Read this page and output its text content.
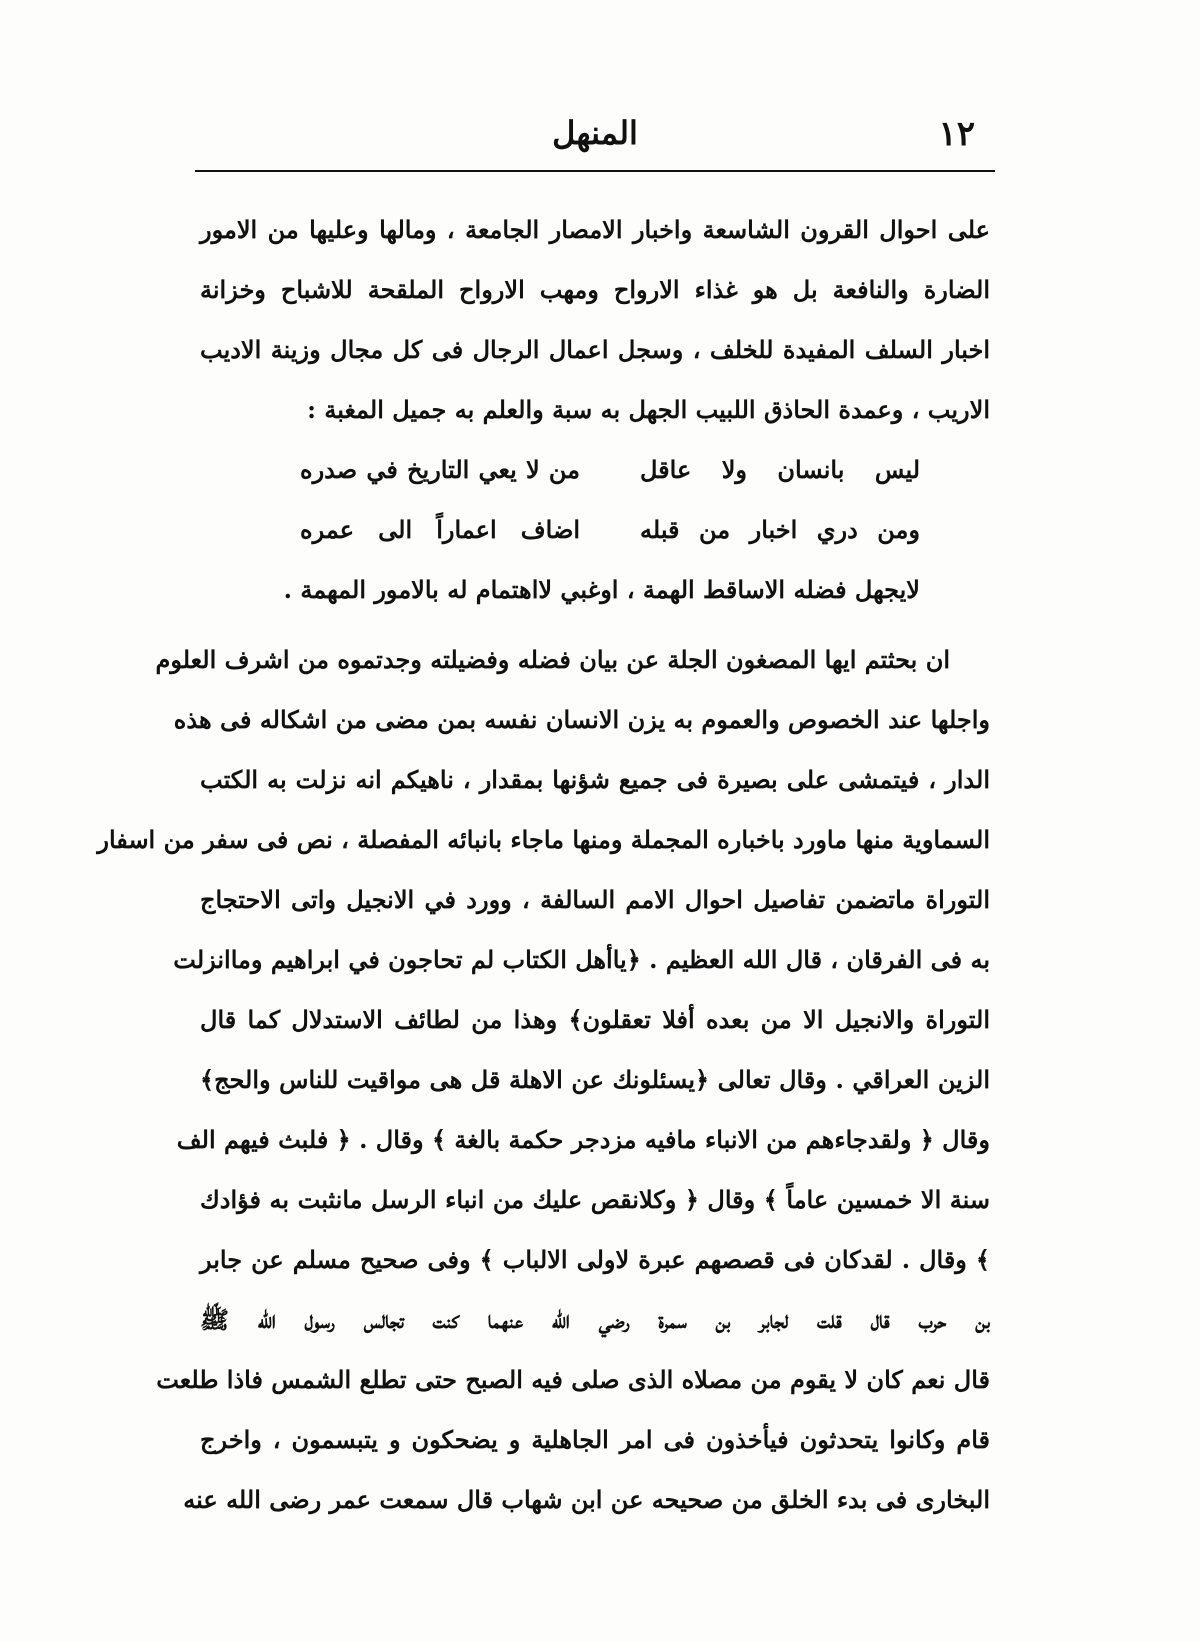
١٢
المنهل
على احوال القرون الشاسعة واخبار الامصار الجامعة ، ومالها وعليها من الامور
الضارة والنافعة بل هو غذاء الارواح ومهب الارواح الملقحة للاشباح وخزانة
اخبار السلف المفيدة للخلف ، وسجل اعمال الرجال فى كل مجال وزينة الاديب
الاريب ، وعمدة الحاذق اللبيب الجهل به سبة والعلم به جميل المغبة :
ليس بانسان ولا عاقل
من لا يعي التاريخ في صدره
ومن دري اخبار من قبله
اضاف اعماراً الى عمره
لايجهل فضله الاساقط الهمة ، اوغبي لااهتمام له بالامور المهمة .
ان بحثتم ايها المصغون الجلة عن بيان فضله وفضيلته وجدتموه من اشرف العلوم
واجلها عند الخصوص والعموم به يزن الانسان نفسه بمن مضى من اشكاله فى هذه
الدار ، فيتمشى على بصيرة فى جميع شؤنها بمقدار ، ناهيكم انه نزلت به الكتب
السماوية منها ماورد باخباره المجملة ومنها ماجاء بانبائه المفصلة ، نص فى سفر من اسفار
التوراة ماتضمن تفاصيل احوال الامم السالفة ، وورد في الانجيل واتى الاحتجاج
به فى الفرقان ، قال الله العظيم . ﴿ياأهل الكتاب لم تحاجون في ابراهيم وماانزلت
التوراة والانجيل الا من بعده أفلا تعقلون﴾ وهذا من لطائف الاستدلال كما قال
الزين العراقي . وقال تعالى ﴿يسئلونك عن الاهلة قل هى مواقيت للناس والحج﴾
وقال ﴿ ولقدجاءهم من الانباء مافيه مزدجر حكمة بالغة ﴾ وقال . ﴿ فلبث فيهم الف
سنة الا خمسين عاماً ﴾ وقال ﴿ وكلانقص عليك من انباء الرسل مانثبت به فؤادك
﴾ وقال . لقدكان فى قصصهم عبرة لاولى الالباب ﴾ وفى صحيح مسلم عن جابر
بن حرب قال قلت لجابر بن سمرة رضي الله عنهما كنت تجالس رسول الله ﷺ
قال نعم كان لا يقوم من مصلاه الذى صلى فيه الصبح حتى تطلع الشمس فاذا طلعت
قام وكانوا يتحدثون فيأخذون فى امر الجاهلية و يضحكون و يتبسمون ، واخرج
البخارى فى بدء الخلق من صحيحه عن ابن شهاب قال سمعت عمر رضى الله عنه
